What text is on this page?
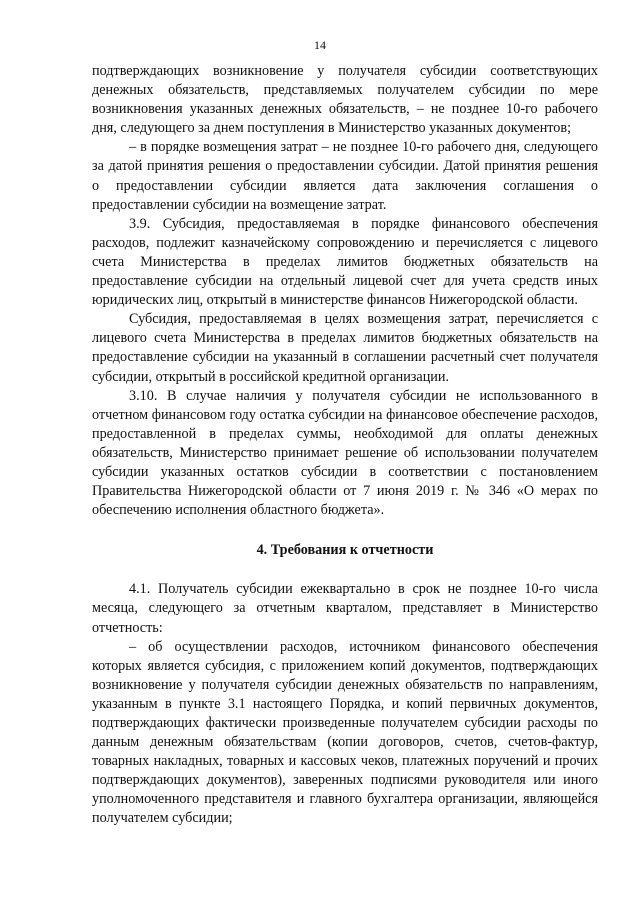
14

подтверждающих возникновение у получателя субсидии соответствующих денежных обязательств, представляемых получателем субсидии по мере возникновения указанных денежных обязательств, – не позднее 10-го рабочего дня, следующего за днем поступления в Министерство указанных документов;

– в порядке возмещения затрат – не позднее 10-го рабочего дня, следующего за датой принятия решения о предоставлении субсидии. Датой принятия решения о предоставлении субсидии является дата заключения соглашения о предоставлении субсидии на возмещение затрат.

3.9. Субсидия, предоставляемая в порядке финансового обеспечения расходов, подлежит казначейскому сопровождению и перечисляется с лицевого счета Министерства в пределах лимитов бюджетных обязательств на предоставление субсидии на отдельный лицевой счет для учета средств иных юридических лиц, открытый в министерстве финансов Нижегородской области.

Субсидия, предоставляемая в целях возмещения затрат, перечисляется с лицевого счета Министерства в пределах лимитов бюджетных обязательств на предоставление субсидии на указанный в соглашении расчетный счет получателя субсидии, открытый в российской кредитной организации.

3.10. В случае наличия у получателя субсидии не использованного в отчетном финансовом году остатка субсидии на финансовое обеспечение расходов, предоставленной в пределах суммы, необходимой для оплаты денежных обязательств, Министерство принимает решение об использовании получателем субсидии указанных остатков субсидии в соответствии с постановлением Правительства Нижегородской области от 7 июня 2019 г. № 346 «О мерах по обеспечению исполнения областного бюджета».

4. Требования к отчетности

4.1. Получатель субсидии ежеквартально в срок не позднее 10-го числа месяца, следующего за отчетным кварталом, представляет в Министерство отчетность:

– об осуществлении расходов, источником финансового обеспечения которых является субсидия, с приложением копий документов, подтверждающих возникновение у получателя субсидии денежных обязательств по направлениям, указанным в пункте 3.1 настоящего Порядка, и копий первичных документов, подтверждающих фактически произведенные получателем субсидии расходы по данным денежным обязательствам (копии договоров, счетов, счетов-фактур, товарных накладных, товарных и кассовых чеков, платежных поручений и прочих подтверждающих документов), заверенных подписями руководителя или иного уполномоченного представителя и главного бухгалтера организации, являющейся получателем субсидии;
